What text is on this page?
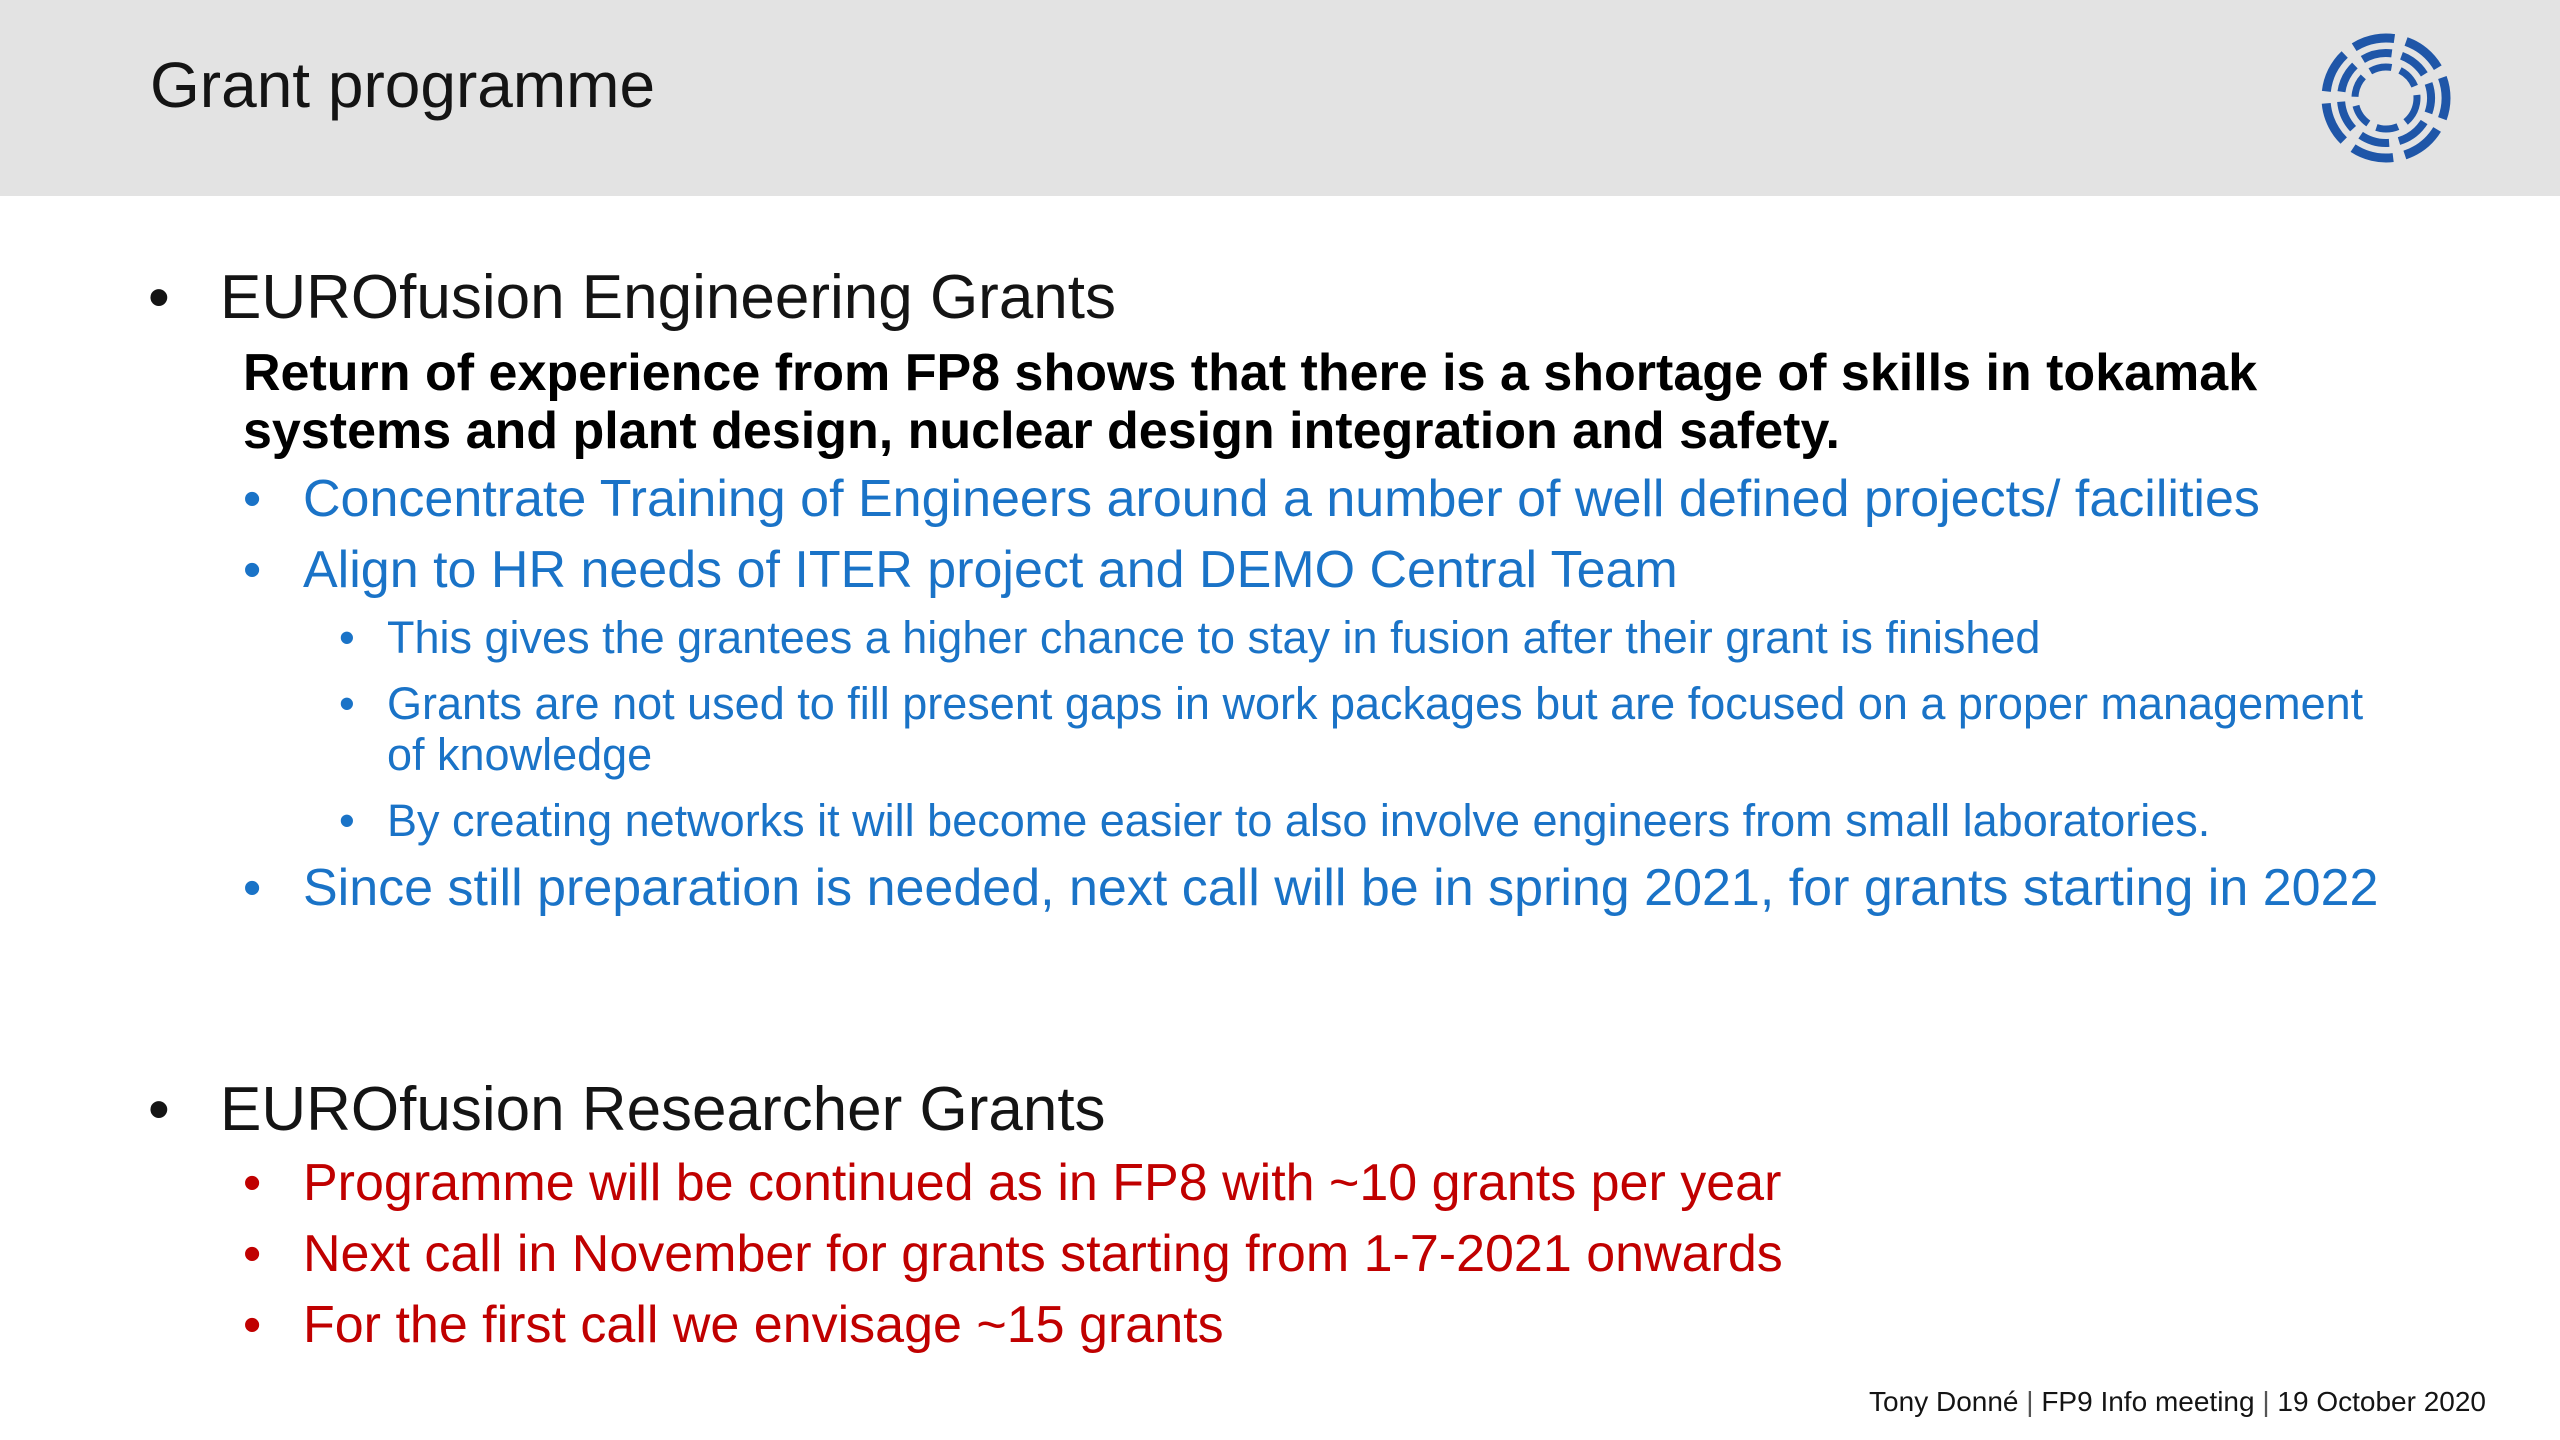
Grant programme
• EUROfusion Engineering Grants
Return of experience from FP8 shows that there is a shortage of skills in tokamak systems and plant design, nuclear design integration and safety.
• Concentrate Training of Engineers around a number of well defined projects/ facilities
• Align to HR needs of ITER project and DEMO Central Team
• This gives the grantees a higher chance to stay in fusion after their grant is finished
• Grants are not used to fill present gaps in work packages but are focused on a proper management of knowledge
• By creating networks it will become easier to also involve engineers from small laboratories.
• Since still preparation is needed, next call will be in spring 2021, for grants starting in 2022
• EUROfusion Researcher Grants
• Programme will be continued as in FP8 with ~10 grants per year
• Next call in November for grants starting from 1-7-2021 onwards
• For the first call we envisage ~15 grants
Tony Donné | FP9 Info meeting | 19 October 2020
